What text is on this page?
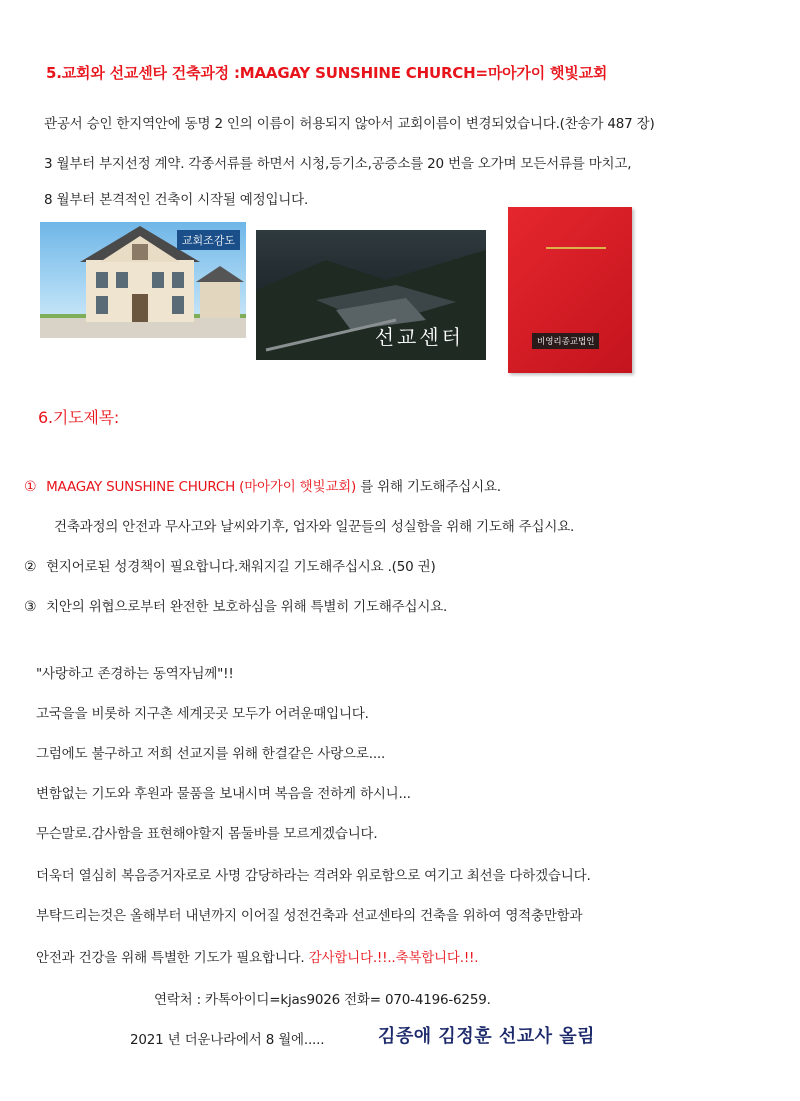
5.교회와 선교센타 건축과정 :MAAGAY SUNSHINE CHURCH=마아가이 햇빛교회
관공서 승인 한지역안에 동명 2 인의 이름이 허용되지 않아서 교회이름이 변경되었습니다.(찬송가 487 장)
3 월부터 부지선정 계약. 각종서류를 하면서 시청,등기소,공증소를 20 번을 오가며 모든서류를 마치고,
8 월부터 본격적인 건축이 시작될 예정입니다.
교회조감도
선교센터	비영리종교법인
6.기도제목:
① MAAGAY SUNSHINE CHURCH (마아가이 햇빛교회) 를 위해 기도해주십시요.
건축과정의 안전과 무사고와 날씨와기후, 업자와 일꾼들의 성실함을 위해 기도해 주십시요.
② 현지어로된 성경책이 필요합니다.채워지길 기도해주십시요 .(50 권)
③ 치안의 위협으로부터 완전한 보호하심을 위해 특별히 기도해주십시요.
"사랑하고 존경하는 동역자님께"!!
고국을을 비롯하 지구촌 세계곳곳 모두가 어려운때입니다.
그럼에도 불구하고 저희 선교지를 위해 한결같은 사랑으로....
변함없는 기도와 후원과 물품을 보내시며 복음을 전하게 하시니...
무슨말로.감사함을 표현해야할지 몸둘바를 모르게겠습니다.
더욱더 열심히 복음증거자로로 사명 감당하라는 격려와 위로함으로 여기고 최선을 다하겠습니다.
부탁드리는것은 올해부터 내년까지 이어질 성전건축과 선교센타의 건축을 위하여 영적충만함과
안전과 건강을 위해 특별한 기도가 필요합니다. 감사합니다.!!..축복합니다.!!.
연락처 : 카톡아이디=kjas9026 전화= 070-4196-6259.
2021 년 더운나라에서 8 월에.....	김종애 김정훈 선교사 올림
